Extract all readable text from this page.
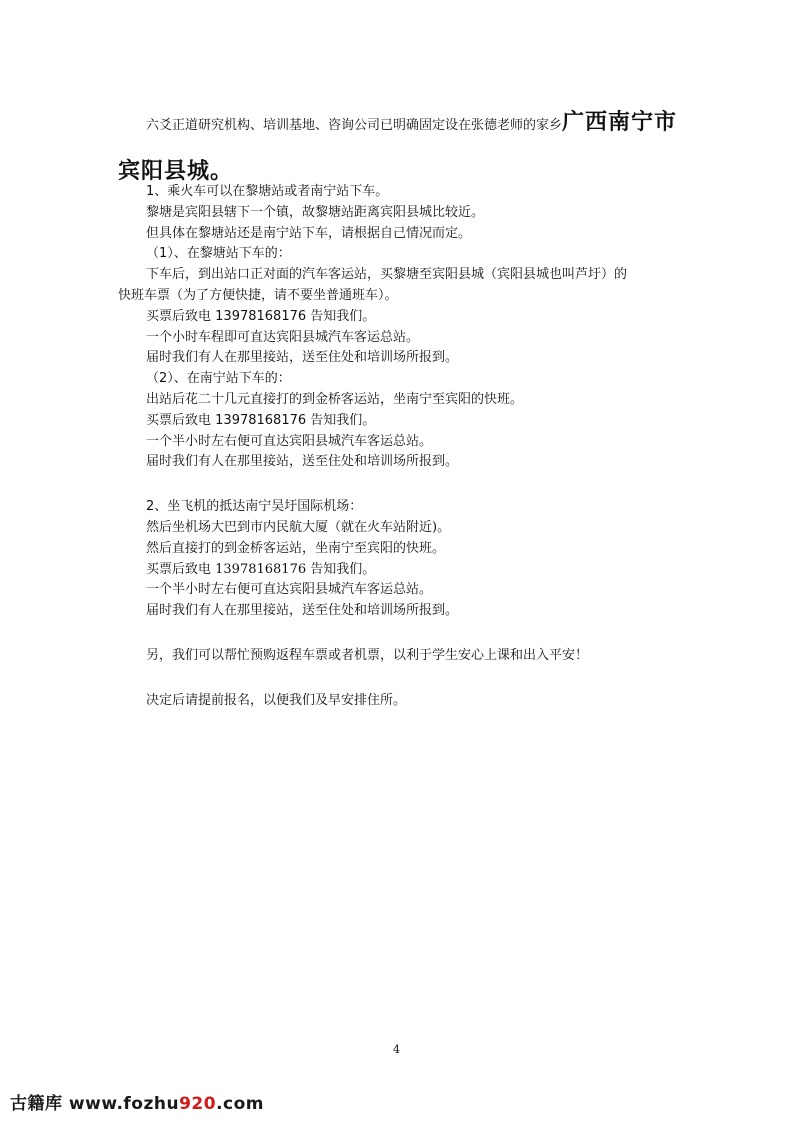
六爻正道研究机构、培训基地、咨询公司已明确固定设在张德老师的家乡广西南宁市宾阳县城。
1、乘火车可以在黎塘站或者南宁站下车。
黎塘是宾阳县辖下一个镇，故黎塘站距离宾阳县城比较近。
但具体在黎塘站还是南宁站下车，请根据自己情况而定。
（1）、在黎塘站下车的：
下车后，到出站口正对面的汽车客运站，买黎塘至宾阳县城（宾阳县城也叫芦圩）的
快班车票（为了方便快捷，请不要坐普通班车）。
买票后致电 13978168176 告知我们。
一个小时车程即可直达宾阳县城汽车客运总站。
届时我们有人在那里接站，送至住处和培训场所报到。
（2）、在南宁站下车的：
出站后花二十几元直接打的到金桥客运站，坐南宁至宾阳的快班。
买票后致电 13978168176 告知我们。
一个半小时左右便可直达宾阳县城汽车客运总站。
届时我们有人在那里接站，送至住处和培训场所报到。
2、坐飞机的抵达南宁吴圩国际机场：
然后坐机场大巴到市内民航大厦（就在火车站附近)。
然后直接打的到金桥客运站，坐南宁至宾阳的快班。
买票后致电 13978168176 告知我们。
一个半小时左右便可直达宾阳县城汽车客运总站。
届时我们有人在那里接站，送至住处和培训场所报到。
另，我们可以帮忙预购返程车票或者机票，以利于学生安心上课和出入平安！
决定后请提前报名，以便我们及早安排住所。
4
古籍库 www.fozhu920.com
